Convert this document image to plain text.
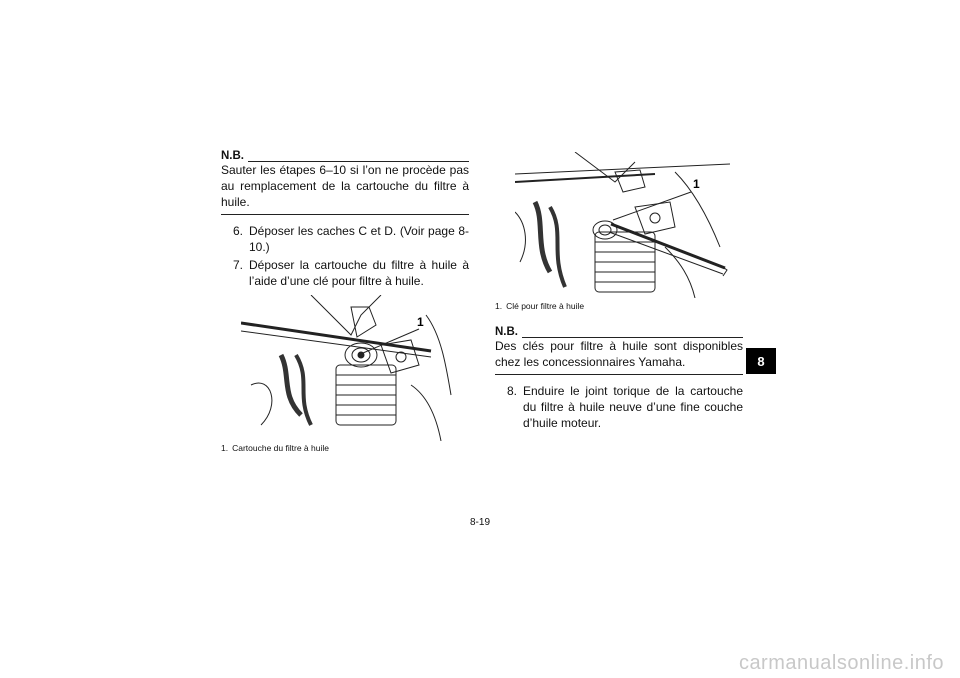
N.B.

Sauter les étapes 6–10 si l’on ne procède pas au remplacement de la cartouche du filtre à huile.

6. Déposer les caches C et D. (Voir page 8-10.)
7. Déposer la cartouche du filtre à huile à l’aide d’une clé pour filtre à huile.
1
1. Cartouche du filtre à huile
1
1. Clé pour filtre à huile
N.B.

Des clés pour filtre à huile sont disponibles chez les concessionnaires Yamaha.

8. Enduire le joint torique de la cartouche du filtre à huile neuve d’une fine couche d’huile moteur.
8
8-19
carmanualsonline.info
